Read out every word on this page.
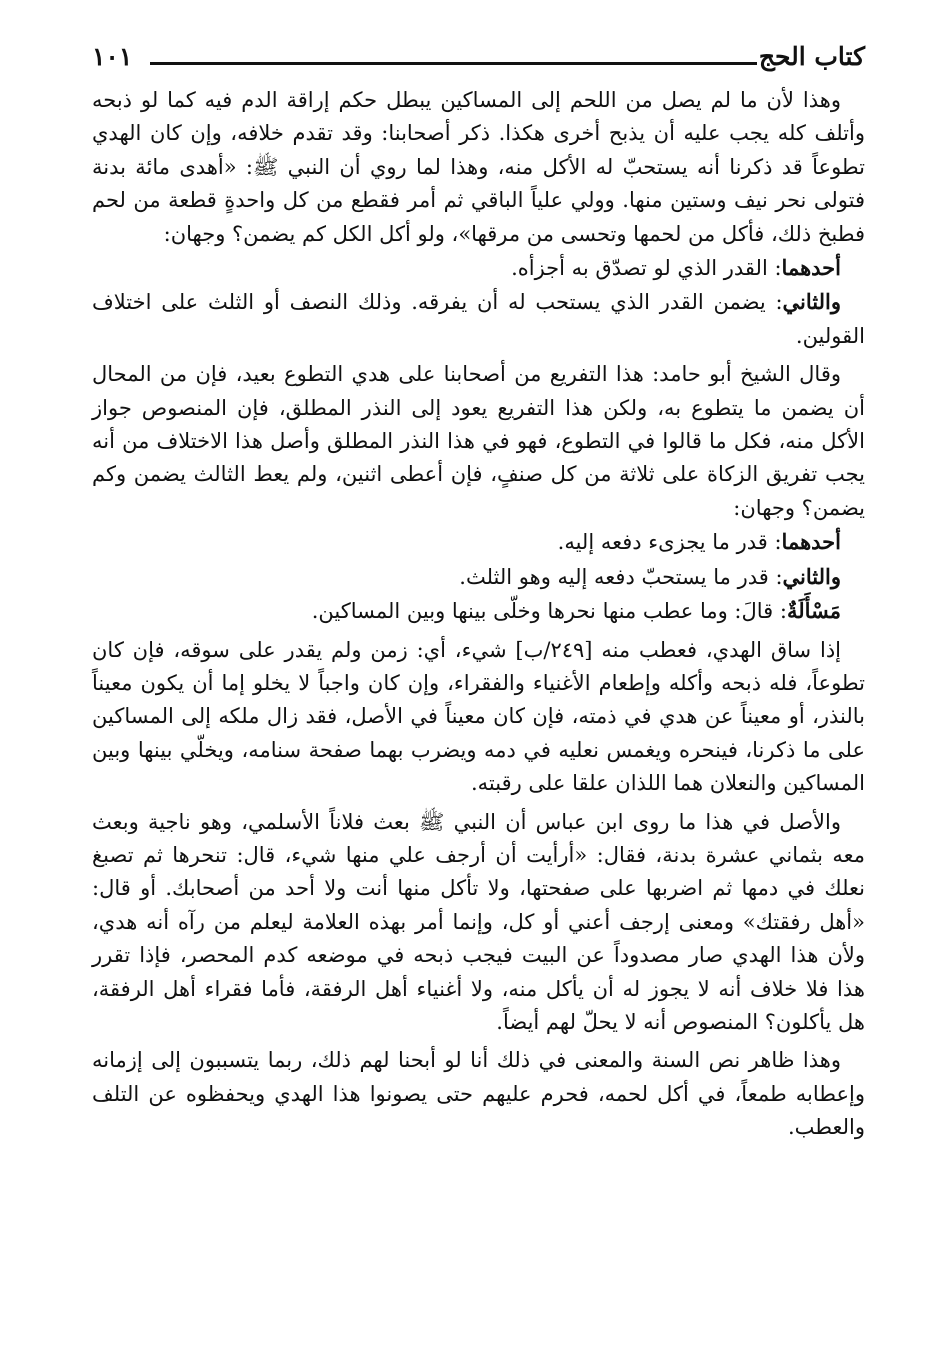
كتاب الحج
١٠١

وهذا لأن ما لم يصل من اللحم إلى المساكين يبطل حكم إراقة الدم فيه كما لو ذبحه وأتلف كله يجب عليه أن يذبح أخرى هكذا. ذكر أصحابنا: وقد تقدم خلافه، وإن كان الهدي تطوعاً قد ذكرنا أنه يستحبّ له الأكل منه، وهذا لما روي أن النبي ﷺ: «أهدى مائة بدنة فتولى نحر نيف وستين منها. وولي علياً الباقي ثم أمر فقطع من كل واحدةٍ قطعة من لحم فطبخ ذلك، فأكل من لحمها وتحسى من مرقها»، ولو أكل الكل كم يضمن؟ وجهان:

أحدهما: القدر الذي لو تصدّق به أجزأه.

والثاني: يضمن القدر الذي يستحب له أن يفرقه. وذلك النصف أو الثلث على اختلاف القولين.

وقال الشيخ أبو حامد: هذا التفريع من أصحابنا على هدي التطوع بعيد، فإن من المحال أن يضمن ما يتطوع به، ولكن هذا التفريع يعود إلى النذر المطلق، فإن المنصوص جواز الأكل منه، فكل ما قالوا في التطوع، فهو في هذا النذر المطلق وأصل هذا الاختلاف من أنه يجب تفريق الزكاة على ثلاثة من كل صنفٍ، فإن أعطى اثنين، ولم يعط الثالث يضمن وكم يضمن؟ وجهان:

أحدهما: قدر ما يجزىء دفعه إليه.

والثاني: قدر ما يستحبّ دفعه إليه وهو الثلث.

مَسْأَلَةٌ: قالَ: وما عطب منها نحرها وخلّى بينها وبين المساكين.

إذا ساق الهدي، فعطب منه [٢٤٩/ب] شيء، أي: زمن ولم يقدر على سوقه، فإن كان تطوعاً، فله ذبحه وأكله وإطعام الأغنياء والفقراء، وإن كان واجباً لا يخلو إما أن يكون معيناً بالنذر، أو معيناً عن هدي في ذمته، فإن كان معيناً في الأصل، فقد زال ملكه إلى المساكين على ما ذكرنا، فينحره ويغمس نعليه في دمه ويضرب بهما صفحة سنامه، ويخلّي بينها وبين المساكين والنعلان هما اللذان علقا على رقبته.

والأصل في هذا ما روى ابن عباس أن النبي ﷺ بعث فلاناً الأسلمي، وهو ناجية وبعث معه بثماني عشرة بدنة، فقال: «أرأيت أن أرجف علي منها شيء، قال: تنحرها ثم تصبغ نعلك في دمها ثم اضربها على صفحتها، ولا تأكل منها أنت ولا أحد من أصحابك. أو قال: «أهل رفقتك» ومعنى إرجف أعني أو كل، وإنما أمر بهذه العلامة ليعلم من رآه أنه هدي، ولأن هذا الهدي صار مصدوداً عن البيت فيجب ذبحه في موضعه كدم المحصر، فإذا تقرر هذا فلا خلاف أنه لا يجوز له أن يأكل منه، ولا أغنياء أهل الرفقة، فأما فقراء أهل الرفقة، هل يأكلون؟ المنصوص أنه لا يحلّ لهم أيضاً.

وهذا ظاهر نص السنة والمعنى في ذلك أنا لو أبحنا لهم ذلك، ربما يتسببون إلى إزمانه وإعطابه طمعاً، في أكل لحمه، فحرم عليهم حتى يصونوا هذا الهدي ويحفظوه عن التلف والعطب.
